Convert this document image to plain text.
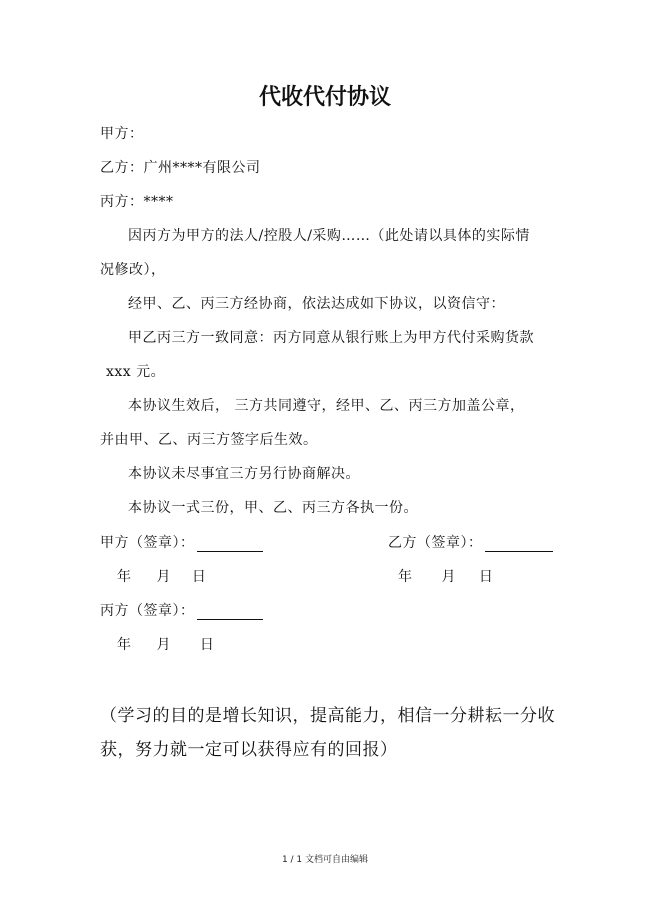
代收代付协议
甲方：
乙方：广州****有限公司
丙方：****
因丙方为甲方的法人/控股人/采购……（此处请以具体的实际情
况修改），
经甲、乙、丙三方经协商，依法达成如下协议，以资信守：
甲乙丙三方一致同意：丙方同意从银行账上为甲方代付采购货款
xxx 元。
本协议生效后， 三方共同遵守，经甲、乙、丙三方加盖公章，
并由甲、乙、丙三方签字后生效。
本协议未尽事宜三方另行协商解决。
本协议一式三份，甲、乙、丙三方各执一份。
甲方（签章）：	乙方（签章）：
年 月 日	年 月 日
丙方（签章）：
年 月 日
（学习的目的是增长知识，提高能力，相信一分耕耘一分收
获，努力就一定可以获得应有的回报）
1 / 1 文档可自由编辑
